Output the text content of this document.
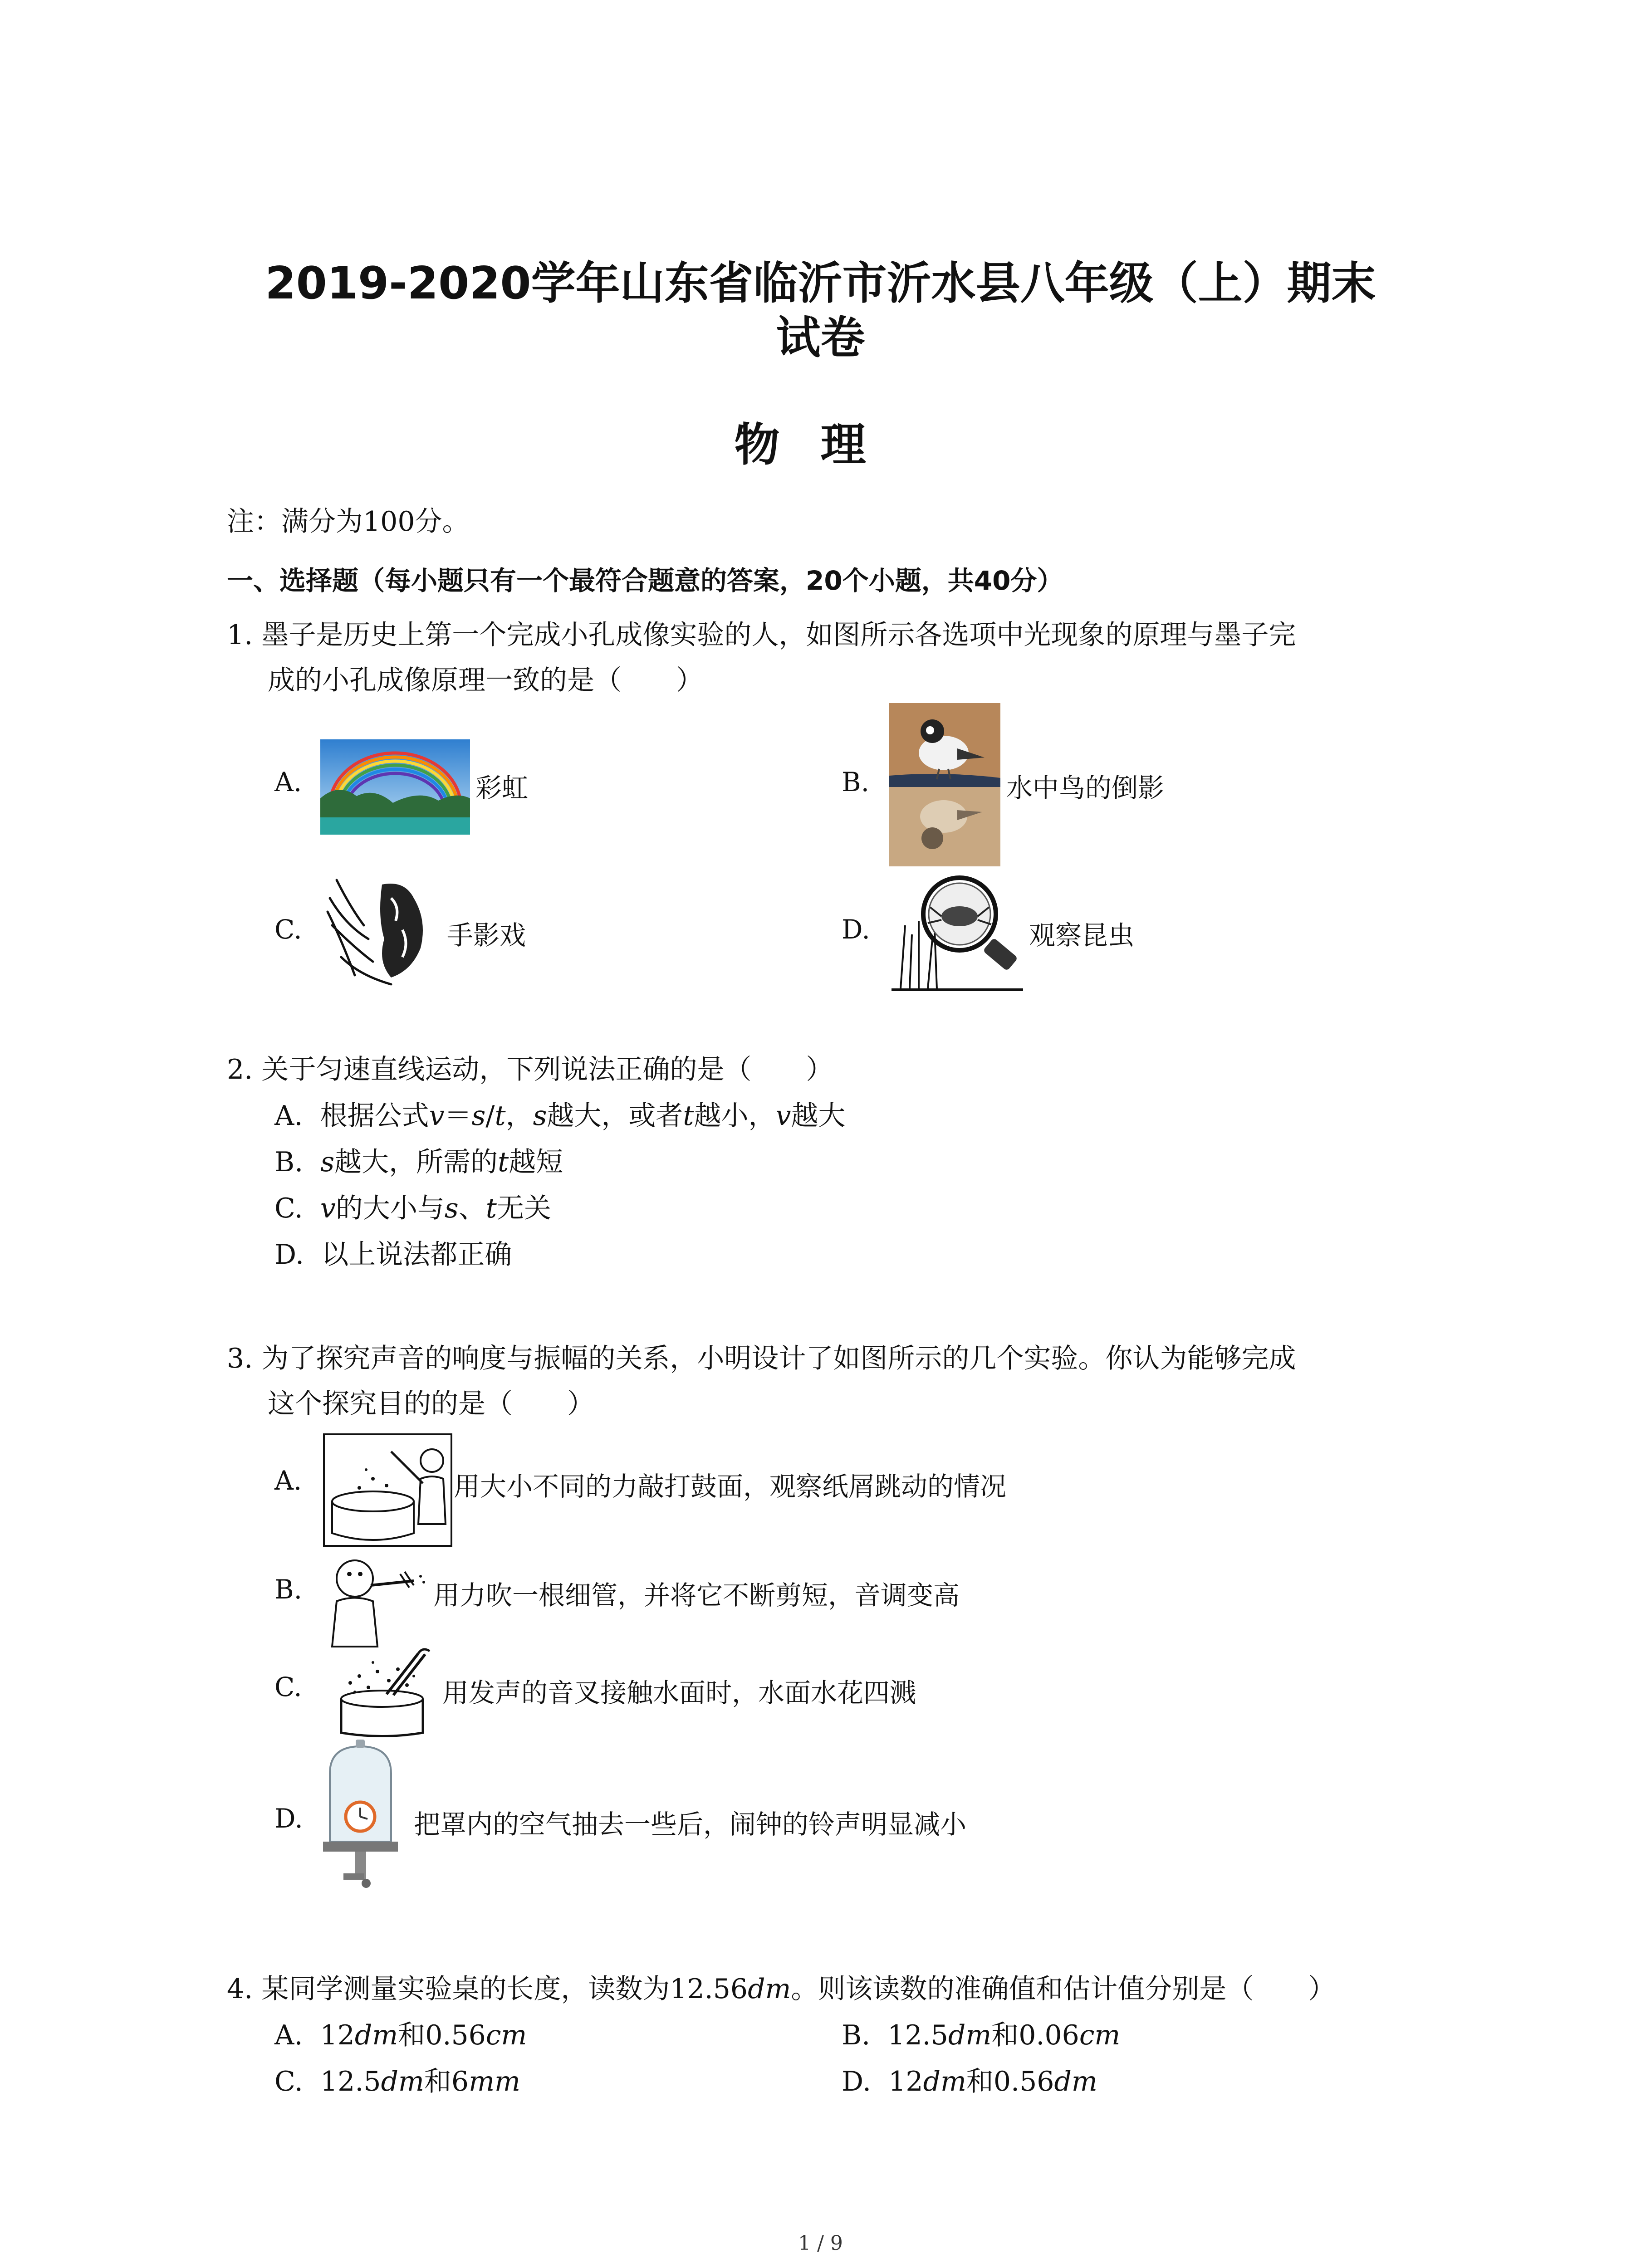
2019-2020学年山东省临沂市沂水县八年级（上）期末
试卷
物理
注：满分为100分。
一、选择题（每小题只有一个最符合题意的答案，20个小题，共40分）
1. 墨子是历史上第一个完成小孔成像实验的人，如图所示各选项中光现象的原理与墨子完
成的小孔成像原理一致的是（　　）
A.	彩虹	B.	水中鸟的倒影
C.	手影戏	D.	观察昆虫
2. 关于匀速直线运动，下列说法正确的是（　　）
A. 根据公式v＝s/t，s越大，或者t越小，v越大
B. s越大，所需的t越短
C. v的大小与s、t无关
D. 以上说法都正确
3. 为了探究声音的响度与振幅的关系，小明设计了如图所示的几个实验。你认为能够完成
这个探究目的的是（　　）
A.	用大小不同的力敲打鼓面，观察纸屑跳动的情况
B.	用力吹一根细管，并将它不断剪短，音调变高
C.	用发声的音叉接触水面时，水面水花四溅
D.	把罩内的空气抽去一些后，闹钟的铃声明显减小
4. 某同学测量实验桌的长度，读数为12.56dm。则该读数的准确值和估计值分别是（　　）
A. 12dm和0.56cm	B. 12.5dm和0.06cm
C. 12.5dm和6mm	D. 12dm和0.56dm
1 / 9
